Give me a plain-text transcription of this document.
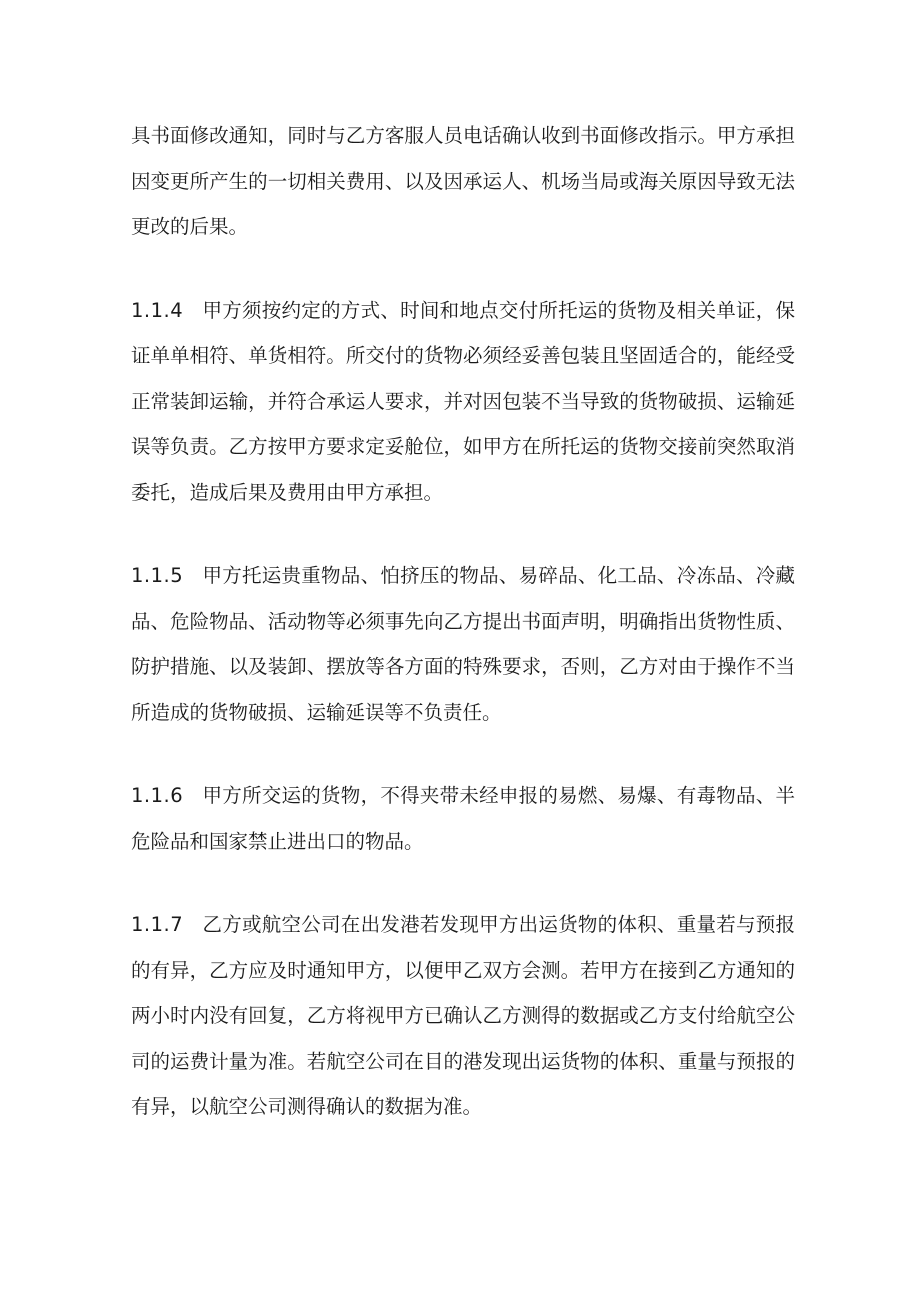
具书面修改通知，同时与乙方客服人员电话确认收到书面修改指示。甲方承担因变更所产生的一切相关费用、以及因承运人、机场当局或海关原因导致无法更改的后果。

1.1.4 甲方须按约定的方式、时间和地点交付所托运的货物及相关单证，保证单单相符、单货相符。所交付的货物必须经妥善包装且坚固适合的，能经受正常装卸运输，并符合承运人要求，并对因包装不当导致的货物破损、运输延误等负责。乙方按甲方要求定妥舱位，如甲方在所托运的货物交接前突然取消委托，造成后果及费用由甲方承担。

1.1.5 甲方托运贵重物品、怕挤压的物品、易碎品、化工品、冷冻品、冷藏品、危险物品、活动物等必须事先向乙方提出书面声明，明确指出货物性质、防护措施、以及装卸、摆放等各方面的特殊要求，否则，乙方对由于操作不当所造成的货物破损、运输延误等不负责任。

1.1.6 甲方所交运的货物，不得夹带未经申报的易燃、易爆、有毒物品、半危险品和国家禁止进出口的物品。

1.1.7 乙方或航空公司在出发港若发现甲方出运货物的体积、重量若与预报的有异，乙方应及时通知甲方，以便甲乙双方会测。若甲方在接到乙方通知的两小时内没有回复，乙方将视甲方已确认乙方测得的数据或乙方支付给航空公司的运费计量为准。若航空公司在目的港发现出运货物的体积、重量与预报的有异，以航空公司测得确认的数据为准。
